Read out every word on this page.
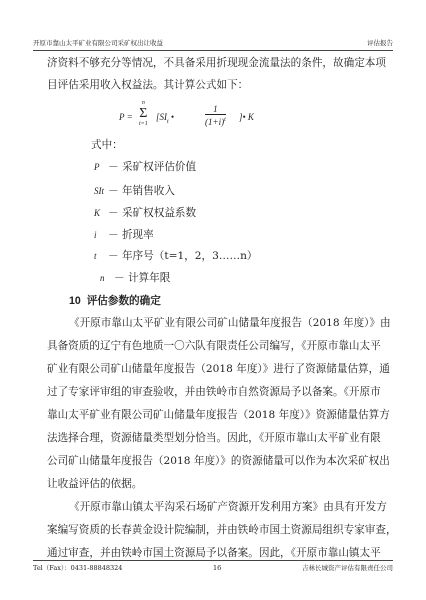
开原市靠山太平矿业有限公司采矿权出让收益	评估报告
济资料不够充分等情况，不具备采用折现现金流量法的条件，故确定本项
目评估采用收入权益法。其计算公式如下：
P =
n
Σ
t=1
[$SI_t$ •	$\frac{1}{(1+i)^t}$ ]• K
式中：
P － 采矿权评估价值
SIt － 年销售收入
K － 采矿权权益系数
i － 折现率
t － 年序号（t=1，2，3……n）
n － 计算年限
10 评估参数的确定
《开原市靠山太平矿业有限公司矿山储量年度报告（2018 年度）》由
具备资质的辽宁有色地质一〇六队有限责任公司编写，《开原市靠山太平
矿业有限公司矿山储量年度报告（2018 年度）》进行了资源储量估算，通
过了专家评审组的审查验收，并由铁岭市自然资源局予以备案。《开原市
靠山太平矿业有限公司矿山储量年度报告（2018 年度）》资源储量估算方
法选择合理，资源储量类型划分恰当。因此，《开原市靠山太平矿业有限
公司矿山储量年度报告（2018 年度）》的资源储量可以作为本次采矿权出
让收益评估的依据。
《开原市靠山镇太平沟采石场矿产资源开发利用方案》由具有开发方
案编写资质的长春黄金设计院编制，并由铁岭市国土资源局组织专家审查，
通过审查，并由铁岭市国土资源局予以备案。因此，《开原市靠山镇太平
Tel（Fax）：0431-88848324	16	吉林长城资产评估有限责任公司
